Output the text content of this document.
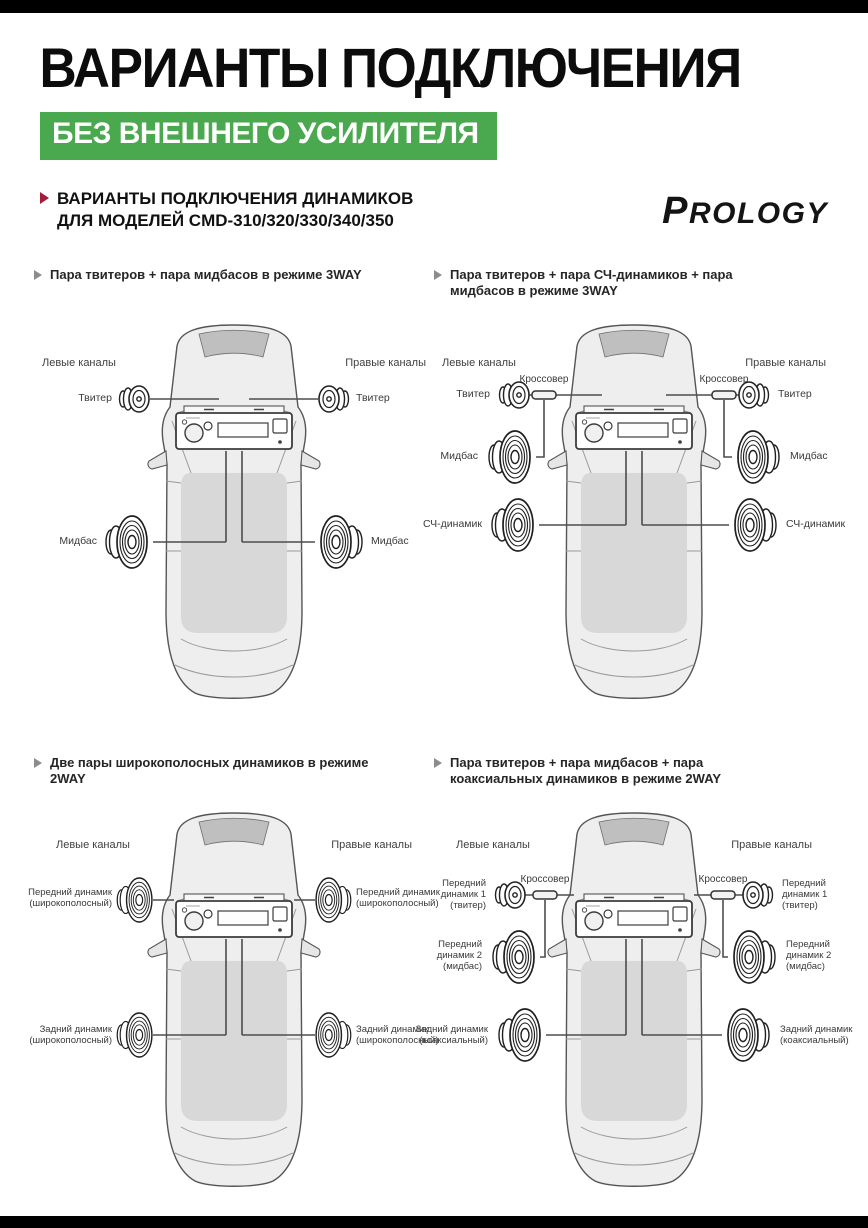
ВАРИАНТЫ ПОДКЛЮЧЕНИЯ
БЕЗ ВНЕШНЕГО УСИЛИТЕЛЯ
ВАРИАНТЫ ПОДКЛЮЧЕНИЯ ДИНАМИКОВ
ДЛЯ МОДЕЛЕЙ CMD-310/320/330/340/350	PROLOGY
Пара твитеров + пара мидбасов в режиме 3WAY
Левые каналы	Правые каналы
Твитер	Твитер
Мидбас	Мидбас
Пара твитеров + пара СЧ-динамиков + пара мидбасов в режиме 3WAY
Левые каналы	Правые каналы
Кроссовер	Кроссовер
Твитер	Твитер
Мидбас	Мидбас
СЧ-динамик	СЧ-динамик
Две пары широкополосных динамиков в режиме 2WAY
Левые каналы	Правые каналы
Передний динамик (широкополосный)
Передний динамик (широкополосный)
Задний динамик (широкополосный)
Задний динамик (широкополосный)
Пара твитеров + пара мидбасов + пара коаксиальных динамиков в режиме 2WAY
Левые каналы	Правые каналы
Кроссовер	Кроссовер
Передний динамик 1 (твитер)
Передний динамик 1 (твитер)
Передний динамик 2 (мидбас)
Передний динамик 2 (мидбас)
Задний динамик (коаксиальный)
Задний динамик (коаксиальный)
